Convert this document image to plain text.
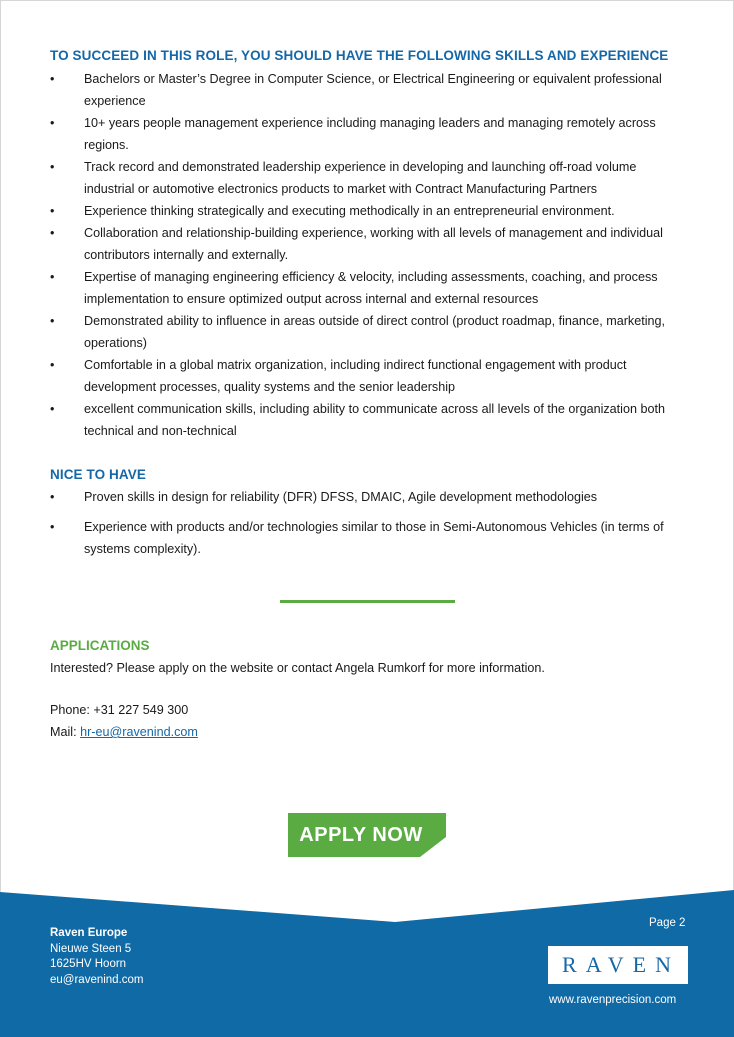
TO SUCCEED IN THIS ROLE, YOU SHOULD HAVE THE FOLLOWING SKILLS AND EXPERIENCE
• Bachelors or Master’s Degree in Computer Science, or Electrical Engineering or equivalent professional experience
• 10+ years people management experience including managing leaders and managing remotely across regions.
• Track record and demonstrated leadership experience in developing and launching off-road volume industrial or automotive electronics products to market with Contract Manufacturing Partners
• Experience thinking strategically and executing methodically in an entrepreneurial environment.
• Collaboration and relationship-building experience, working with all levels of management and individual contributors internally and externally.
• Expertise of managing engineering efficiency & velocity, including assessments, coaching, and process implementation to ensure optimized output across internal and external resources
• Demonstrated ability to influence in areas outside of direct control (product roadmap, finance, marketing, operations)
• Comfortable in a global matrix organization, including indirect functional engagement with product development processes, quality systems and the senior leadership
• excellent communication skills, including ability to communicate across all levels of the organization both technical and non-technical
NICE TO HAVE
• Proven skills in design for reliability (DFR) DFSS, DMAIC, Agile development methodologies
• Experience with products and/or technologies similar to those in Semi-Autonomous Vehicles (in terms of systems complexity).
APPLICATIONS
Interested? Please apply on the website or contact Angela Rumkorf for more information.
Phone: +31 227 549 300
Mail: hr-eu@ravenind.com
APPLY NOW
Raven Europe
Nieuwe Steen 5
1625HV Hoorn
eu@ravenind.com
Page 2
RAVEN
www.ravenprecision.com
